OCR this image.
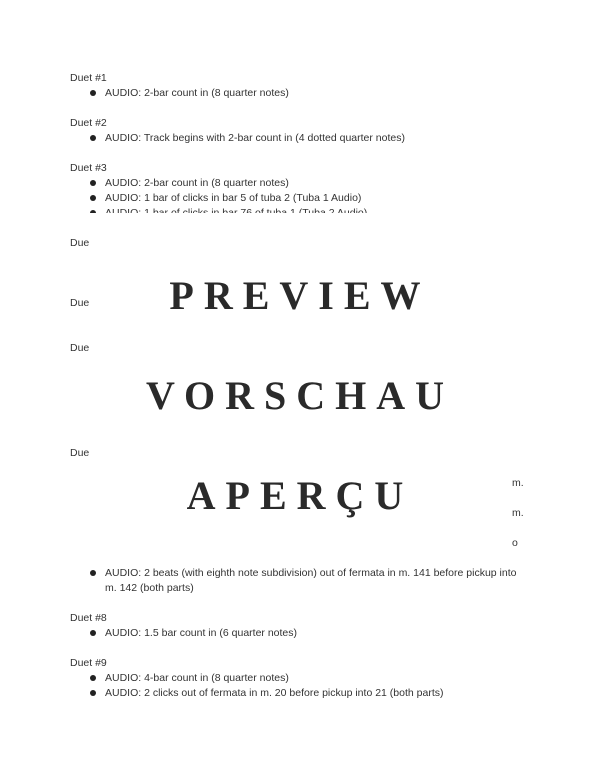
Duet #1
AUDIO: 2-bar count in (8 quarter notes)
Duet #2
AUDIO: Track begins with 2-bar count in (4 dotted quarter notes)
Duet #3
AUDIO: 2-bar count in (8 quarter notes)
AUDIO: 1 bar of clicks in bar 5 of tuba 2 (Tuba 1 Audio)
Due
Due
Due
Due
m.
m.
o
PREVIEW
VORSCHAU
APERÇU
AUDIO: 2 beats (with eighth note subdivision) out of fermata in m. 141 before pickup into m. 142 (both parts)
Duet #8
AUDIO: 1.5 bar count in (6 quarter notes)
Duet #9
AUDIO: 4-bar count in (8 quarter notes)
AUDIO: 2 clicks out of fermata in m. 20 before pickup into 21 (both parts)
